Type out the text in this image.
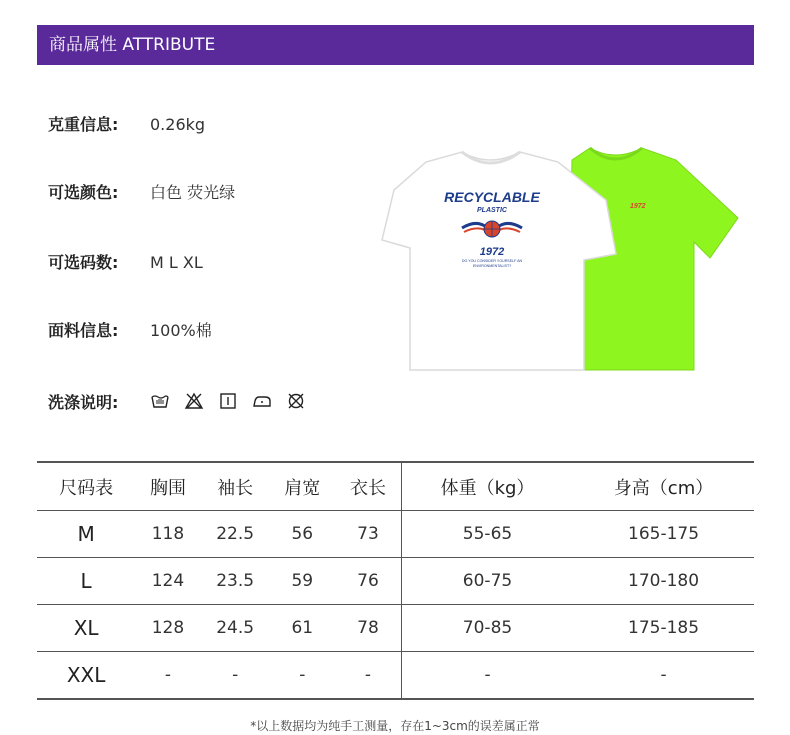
商品属性 ATTRIBUTE
克重信息: 0.26kg
可选颜色: 白色 荧光绿
可选码数: M L XL
面料信息: 100%棉
洗涤说明:
1972
RECYCLABLE
PLASTIC
1972
DO YOU CONSIDER YOURSELF AN
ENVIRONMENTALIST?
尺码表	胸围	袖长	肩宽	衣长	体重（kg）	身高（cm）
M	118	22.5	56	73	55-65	165-175
L	124	23.5	59	76	60-75	170-180
XL	128	24.5	61	78	70-85	175-185
XXL	-	-	-	-	-	-
*以上数据均为纯手工测量，存在1~3cm的误差属正常
